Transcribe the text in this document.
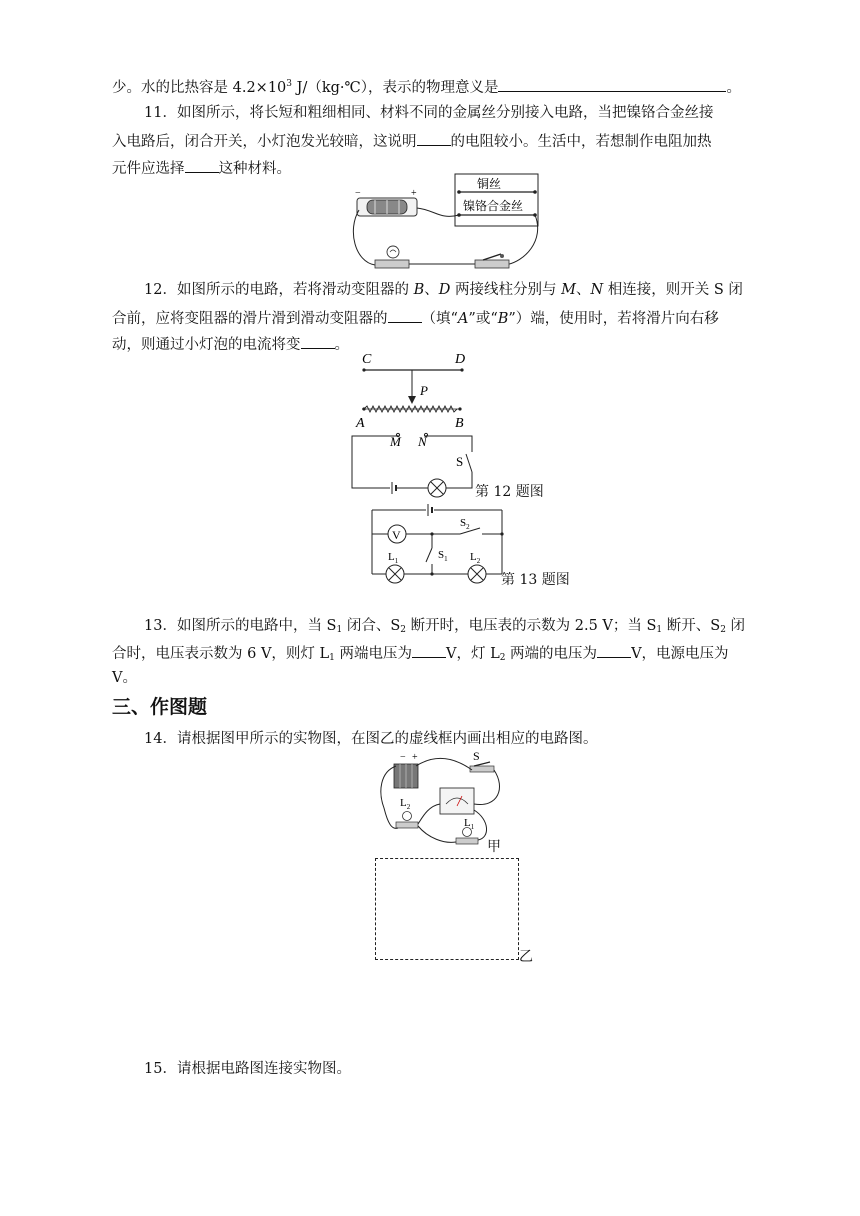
少。水的比热容是 $4.2\times 10^3$ J/（kg·℃），表示的物理意义是	。
11．如图所示，将长短和粗细相同、材料不同的金属丝分别接入电路，当把镍铬合金丝接
入电路后，闭合开关，小灯泡发光较暗，这说明 的电阻较小。生活中，若想制作电阻加热
元件应选择 这种材料。
−	+
铜丝
镍铬合金丝
12．如图所示的电路，若将滑动变阻器的 B、D 两接线柱分别与 M、N 相连接，则开关 S 闭
合前，应将变阻器的滑片滑到滑动变阻器的 （填“A”或“B”）端，使用时，若将滑片向右移
动，则通过小灯泡的电流将变 。
C	D
P
A	B
M N
S
第 12 题图
V
$S_2$
$S_1$
$L_1$	$L_2$
第 13 题图
13．如图所示的电路中，当 $S_1$ 闭合、$S_2$ 断开时，电压表的示数为 2.5 V；当 $S_1$ 断开、$S_2$ 闭
合时，电压表示数为 6 V，则灯 $L_1$ 两端电压为 V，灯 $L_2$ 两端的电压为 V，电源电压为
V。
三、作图题
14．请根据图甲所示的实物图，在图乙的虚线框内画出相应的电路图。
− +	S
$L_2$
$L_1$
甲
乙
15．请根据电路图连接实物图。
